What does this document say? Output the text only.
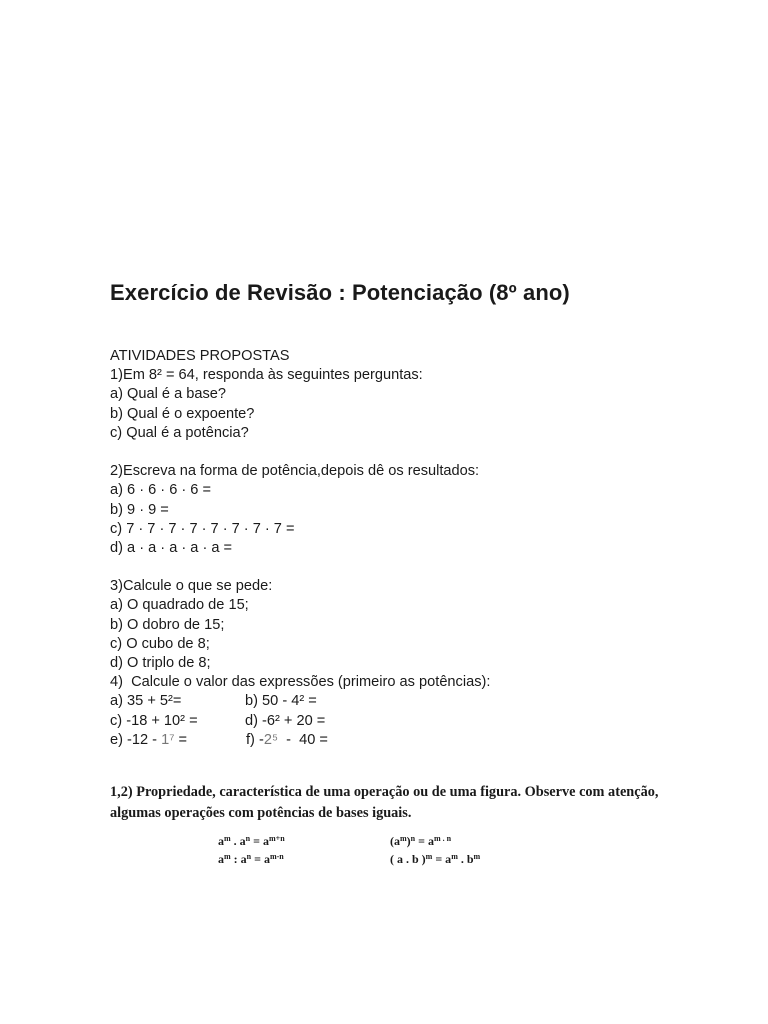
Exercício de Revisão : Potenciação (8º ano)
ATIVIDADES PROPOSTAS
1)Em 8² = 64, responda às seguintes perguntas:
a) Qual é a base?
b) Qual é o expoente?
c) Qual é a potência?
2)Escreva na forma de potência,depois dê os resultados:
a) 6 · 6 · 6 · 6 =
b) 9 · 9 =
c) 7 · 7 · 7 · 7 · 7 · 7 · 7 · 7 =
d) a · a · a · a · a =
3)Calcule o que se pede:
a) O quadrado de 15;
b) O dobro de 15;
c) O cubo de 8;
d) O triplo de 8;
4)  Calcule o valor das expressões (primeiro as potências):

a) 35 + 5²=

	b) 50 - 4² =

c) -18 + 10² =

	d) -6² + 20 =

e) -12 - 1⁷ =

	f) -2⁵  -  40 =

1,2) Propriedade, característica de uma operação ou de uma figura. Observe com atenção, algumas operações com potências de bases iguais.
$a^m$ . $a^n = a^{m+n}$
$a^m$ : $a^n = a^{m-n}$
$(a^m)^n = a^{m . n}$
( a . b )$^m = a^m$ . $b^m$
